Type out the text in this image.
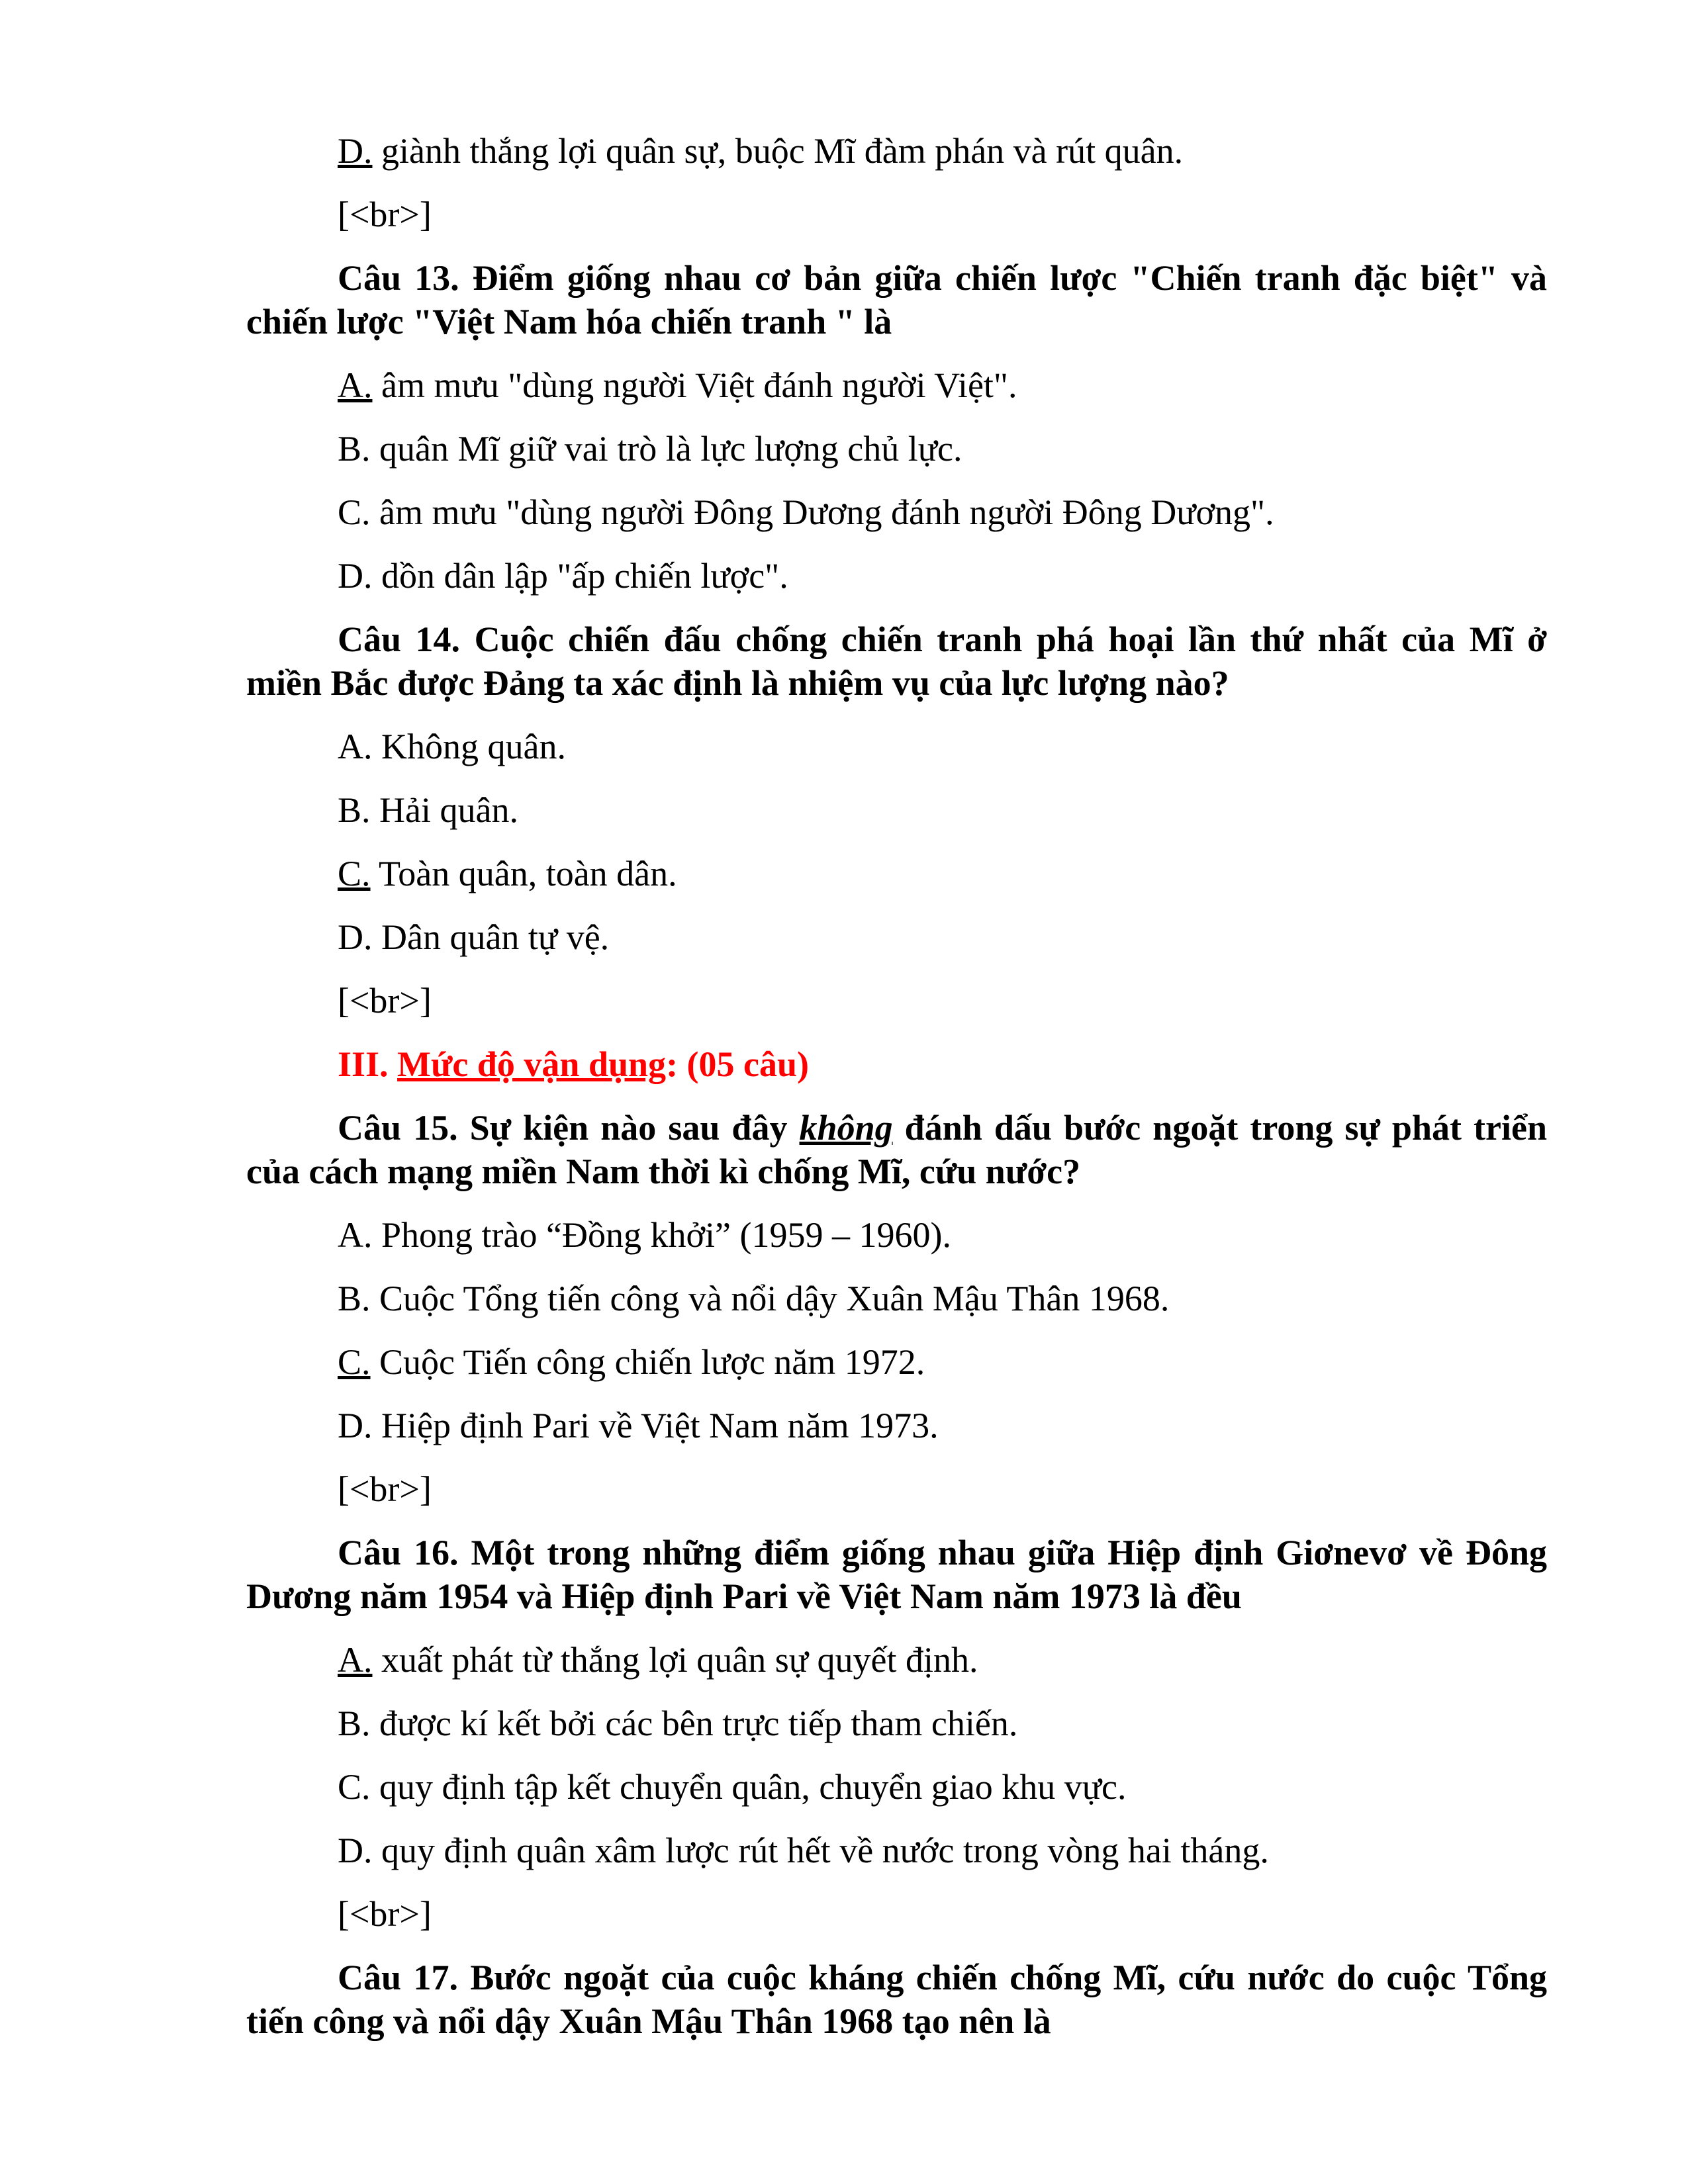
D. giành thắng lợi quân sự, buộc Mĩ đàm phán và rút quân.

[<br>]

Câu 13. Điểm giống nhau cơ bản giữa chiến lược "Chiến tranh đặc biệt" và chiến lược "Việt Nam hóa chiến tranh " là

A. âm mưu "dùng người Việt đánh người Việt".

B. quân Mĩ giữ vai trò là lực lượng chủ lực.

C. âm mưu "dùng người Đông Dương đánh người Đông Dương".

D. dồn dân lập "ấp chiến lược".

Câu 14. Cuộc chiến đấu chống chiến tranh phá hoại lần thứ nhất của Mĩ ở miền Bắc được Đảng ta xác định là nhiệm vụ của lực lượng nào?

A. Không quân.

B. Hải quân.

C. Toàn quân, toàn dân.

D. Dân quân tự vệ.

[<br>]

III. Mức độ vận dụng: (05 câu)

Câu 15. Sự kiện nào sau đây không đánh dấu bước ngoặt trong sự phát triển của cách mạng miền Nam thời kì chống Mĩ, cứu nước?

A. Phong trào “Đồng khởi” (1959 – 1960).

B. Cuộc Tổng tiến công và nổi dậy Xuân Mậu Thân 1968.

C. Cuộc Tiến công chiến lược năm 1972.

D. Hiệp định Pari về Việt Nam năm 1973.

[<br>]

Câu 16. Một trong những điểm giống nhau giữa Hiệp định Giơnevơ về Đông Dương năm 1954 và Hiệp định Pari về Việt Nam năm 1973 là đều

A. xuất phát từ thắng lợi quân sự quyết định.

B. được kí kết bởi các bên trực tiếp tham chiến.

C. quy định tập kết chuyển quân, chuyển giao khu vực.

D. quy định quân xâm lược rút hết về nước trong vòng hai tháng.

[<br>]

Câu 17. Bước ngoặt của cuộc kháng chiến chống Mĩ, cứu nước do cuộc Tổng tiến công và nổi dậy Xuân Mậu Thân 1968 tạo nên là
